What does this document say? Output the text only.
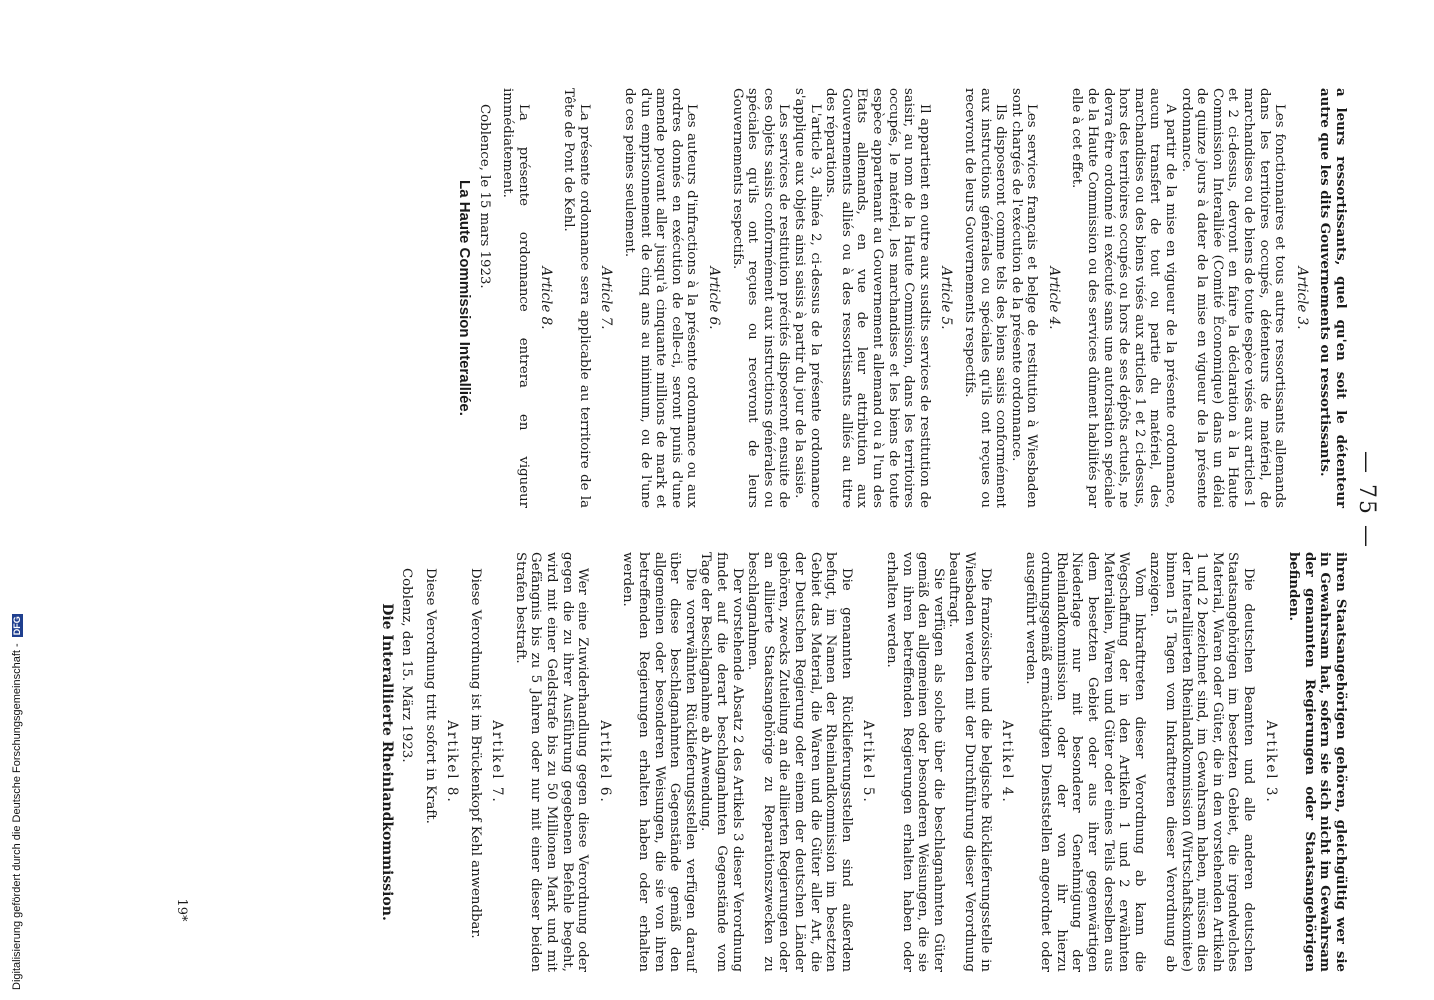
— 75 —

a leurs ressortissants, quel qu'en soit le détenteur autre que les dits Gouvernements ou ressortissants.

Article 3.

Les fonctionnaires et tous autres ressortissants allemands dans les territoires occupés, détenteurs de matériel, de marchandises ou de biens de toute espèce visés aux articles 1 et 2 ci-dessus, devront en faire la déclaration à la Haute Commission Interalliée (Comité Économique) dans un délai de quinze jours à dater de la mise en vigueur de la présente ordonnance.

A partir de la mise en vigueur de la présente ordonnance, aucun transfert de tout ou partie du matériel, des marchandises ou des biens visés aux articles 1 et 2 ci-dessus, hors des territoires occupés ou hors de ses dépôts actuels, ne devra être ordonné ni exécuté sans une autorisation spéciale de la Haute Commission ou des services dûment habilités par elle à cet effet.

Article 4.

Les services français et belge de restitution à Wiesbaden sont chargés de l'exécution de la présente ordonnance.

Ils disposeront comme tels des biens saisis conformément aux instructions générales ou spéciales qu'ils ont reçues ou recevront de leurs Gouvernements respectifs.

Article 5.

Il appartient en outre aux susdits services de restitution de saisir, au nom de la Haute Commission, dans les territoires occupés, le matériel, les marchandises et les biens de toute espèce appartenant au Gouvernement allemand ou à l'un des Etats allemands, en vue de leur attribution aux Gouvernements alliés ou à des ressortissants alliés au titre des réparations.

L'article 3, alinéa 2, ci-dessus de la présente ordonnance s'applique aux objets ainsi saisis à partir du jour de la saisie.

Les services de restitution précités disposeront ensuite de ces objets saisis conformément aux instructions générales ou spéciales qu'ils ont reçues ou recevront de leurs Gouvernements respectifs.

Article 6.

Les auteurs d'infractions à la présente ordonnance ou aux ordres donnés en exécution de celle-ci, seront punis d'une amende pouvant aller jusqu'à cinquante millions de mark et d'un emprisonnement de cinq ans au minimum, ou de l'une de ces peines seulement.

Article 7.

La présente ordonnance sera applicable au territoire de la Tête de Pont de Kehl.

Article 8.

La présente ordonnance entrera en vigueur immédiatement.

Coblence, le 15 mars 1923.

La Haute Commission Interalliée.

ihren Staatsangehörigen gehören, gleichgültig wer sie in Gewahrsam hat, sofern sie sich nicht im Gewahrsam der genannten Regierungen oder Staatsangehörigen befinden.

Artikel 3.

Die deutschen Beamten und alle anderen deutschen Staatsangehörigen im besetzten Gebiet, die irgendwelches Material, Waren oder Güter, die in den vorstehenden Artikeln 1 und 2 bezeichnet sind, im Gewahrsam haben, müssen dies der Interalliierten Rheinlandkommission (Wirtschaftskomitee) binnen 15 Tagen vom Inkrafttreten dieser Verordnung ab anzeigen.

Vom Inkrafttreten dieser Verordnung ab kann die Wegschaffung der in den Artikeln 1 und 2 erwähnten Materialien, Waren und Güter oder eines Teils derselben aus dem besetzten Gebiet oder aus ihrer gegenwärtigen Niederlage nur mit besonderer Genehmigung der Rheinlandkommission oder der von ihr hierzu ordnungsgemäß ermächtigten Dienststellen angeordnet oder ausgeführt werden.

Artikel 4.

Die französische und die belgische Rücklieferungsstelle in Wiesbaden werden mit der Durchführung dieser Verordnung beauftragt.

Sie verfügen als solche über die beschlagnahmten Güter gemäß den allgemeinen oder besonderen Weisungen, die sie von ihren betreffenden Regierungen erhalten haben oder erhalten werden.

Artikel 5.

Die genannten Rücklieferungsstellen sind außerdem befugt, im Namen der Rheinlandkommission im besetzten Gebiet das Material, die Waren und die Güter aller Art, die der Deutschen Regierung oder einem der deutschen Länder gehören, zwecks Zuteilung an die alliierten Regierungen oder an alliierte Staatsangehörige zu Reparationszwecken zu beschlagnahmen.

Der vorstehende Absatz 2 des Artikels 3 dieser Verordnung findet auf die derart beschlagnahmten Gegenstände vom Tage der Beschlagnahme ab Anwendung.

Die vorerwähnten Rücklieferungsstellen verfügen darauf über diese beschlagnahmten Gegenstände gemäß den allgemeinen oder besonderen Weisungen, die sie von ihren betreffenden Regierungen erhalten haben oder erhalten werden.

Artikel 6.

Wer eine Zuwiderhandlung gegen diese Verordnung oder gegen die zu ihrer Ausführung gegebenen Befehle begeht, wird mit einer Geldstrafe bis zu 50 Millionen Mark und mit Gefängnis bis zu 5 Jahren oder nur mit einer dieser beiden Strafen bestraft.

Artikel 7.

Diese Verordnung ist im Brückenkopf Kehl anwendbar.

Artikel 8.

Diese Verordnung tritt sofort in Kraft.

Coblenz, den 15. März 1923.

Die Interalliierte Rheinlandkommission.

19*
Digitalisierung gefördert durch die Deutsche Forschungsgemeinschaft - DFG
